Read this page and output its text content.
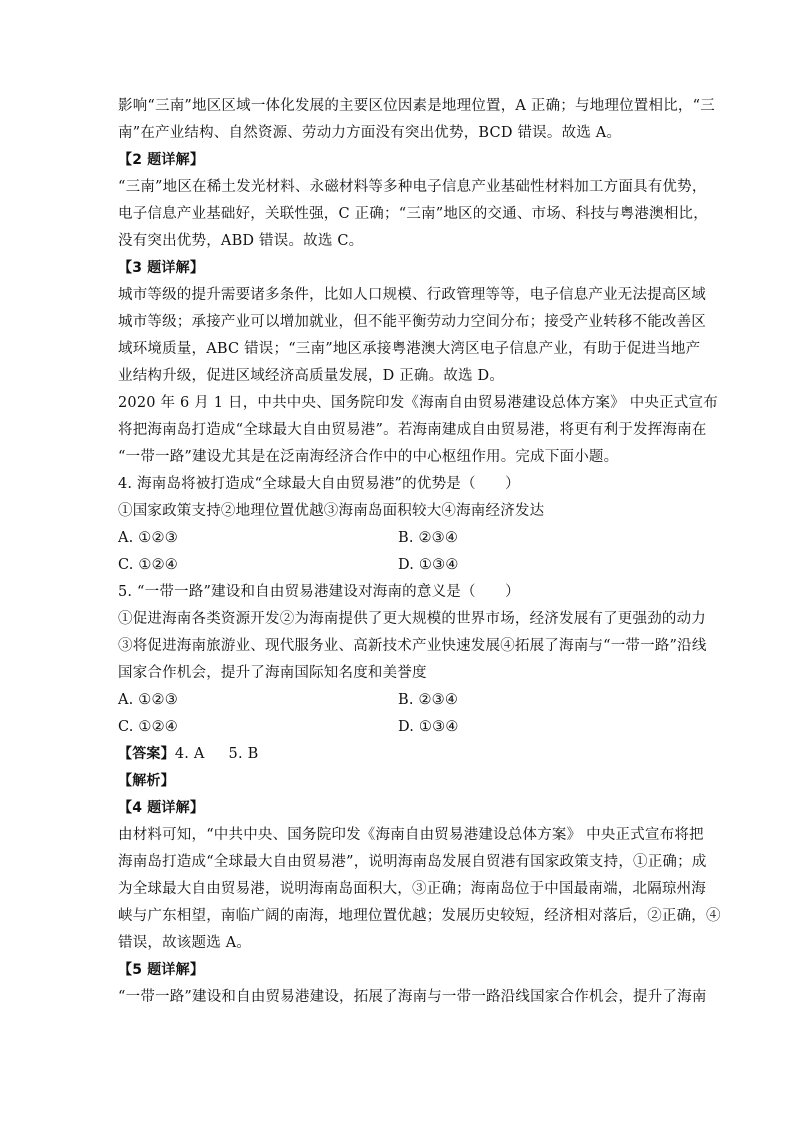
影响“三南”地区区域一体化发展的主要区位因素是地理位置，A 正确；与地理位置相比，“三
南”在产业结构、自然资源、劳动力方面没有突出优势，BCD 错误。故选 A。
【2 题详解】
“三南”地区在稀土发光材料、永磁材料等多种电子信息产业基础性材料加工方面具有优势，
电子信息产业基础好，关联性强，C 正确；“三南”地区的交通、市场、科技与粤港澳相比，
没有突出优势，ABD 错误。故选 C。
【3 题详解】
城市等级的提升需要诸多条件，比如人口规模、行政管理等等，电子信息产业无法提高区域
城市等级；承接产业可以增加就业，但不能平衡劳动力空间分布；接受产业转移不能改善区
域环境质量，ABC 错误；“三南”地区承接粤港澳大湾区电子信息产业，有助于促进当地产
业结构升级，促进区域经济高质量发展，D 正确。故选 D。
2020 年 6 月 1 日，中共中央、国务院印发《海南自由贸易港建设总体方案》 中央正式宣布
将把海南岛打造成“全球最大自由贸易港”。若海南建成自由贸易港，将更有利于发挥海南在
“一带一路”建设尤其是在泛南海经济合作中的中心枢纽作用。完成下面小题。
4. 海南岛将被打造成“全球最大自由贸易港”的优势是（　　）
①国家政策支持②地理位置优越③海南岛面积较大④海南经济发达
A. ①②③	B. ②③④
C. ①②④	D. ①③④
5. “一带一路”建设和自由贸易港建设对海南的意义是（　　）
①促进海南各类资源开发②为海南提供了更大规模的世界市场，经济发展有了更强劲的动力
③将促进海南旅游业、现代服务业、高新技术产业快速发展④拓展了海南与“一带一路”沿线
国家合作机会，提升了海南国际知名度和美誉度
A. ①②③	B. ②③④
C. ①②④	D. ①③④
【答案】4. A 5. B
【解析】
【4 题详解】
由材料可知，“中共中央、国务院印发《海南自由贸易港建设总体方案》 中央正式宣布将把
海南岛打造成“全球最大自由贸易港”，说明海南岛发展自贸港有国家政策支持，①正确；成
为全球最大自由贸易港，说明海南岛面积大，③正确；海南岛位于中国最南端，北隔琼州海
峡与广东相望，南临广阔的南海，地理位置优越；发展历史较短，经济相对落后，②正确，④
错误，故该题选 A。
【5 题详解】
“一带一路”建设和自由贸易港建设，拓展了海南与一带一路沿线国家合作机会，提升了海南
